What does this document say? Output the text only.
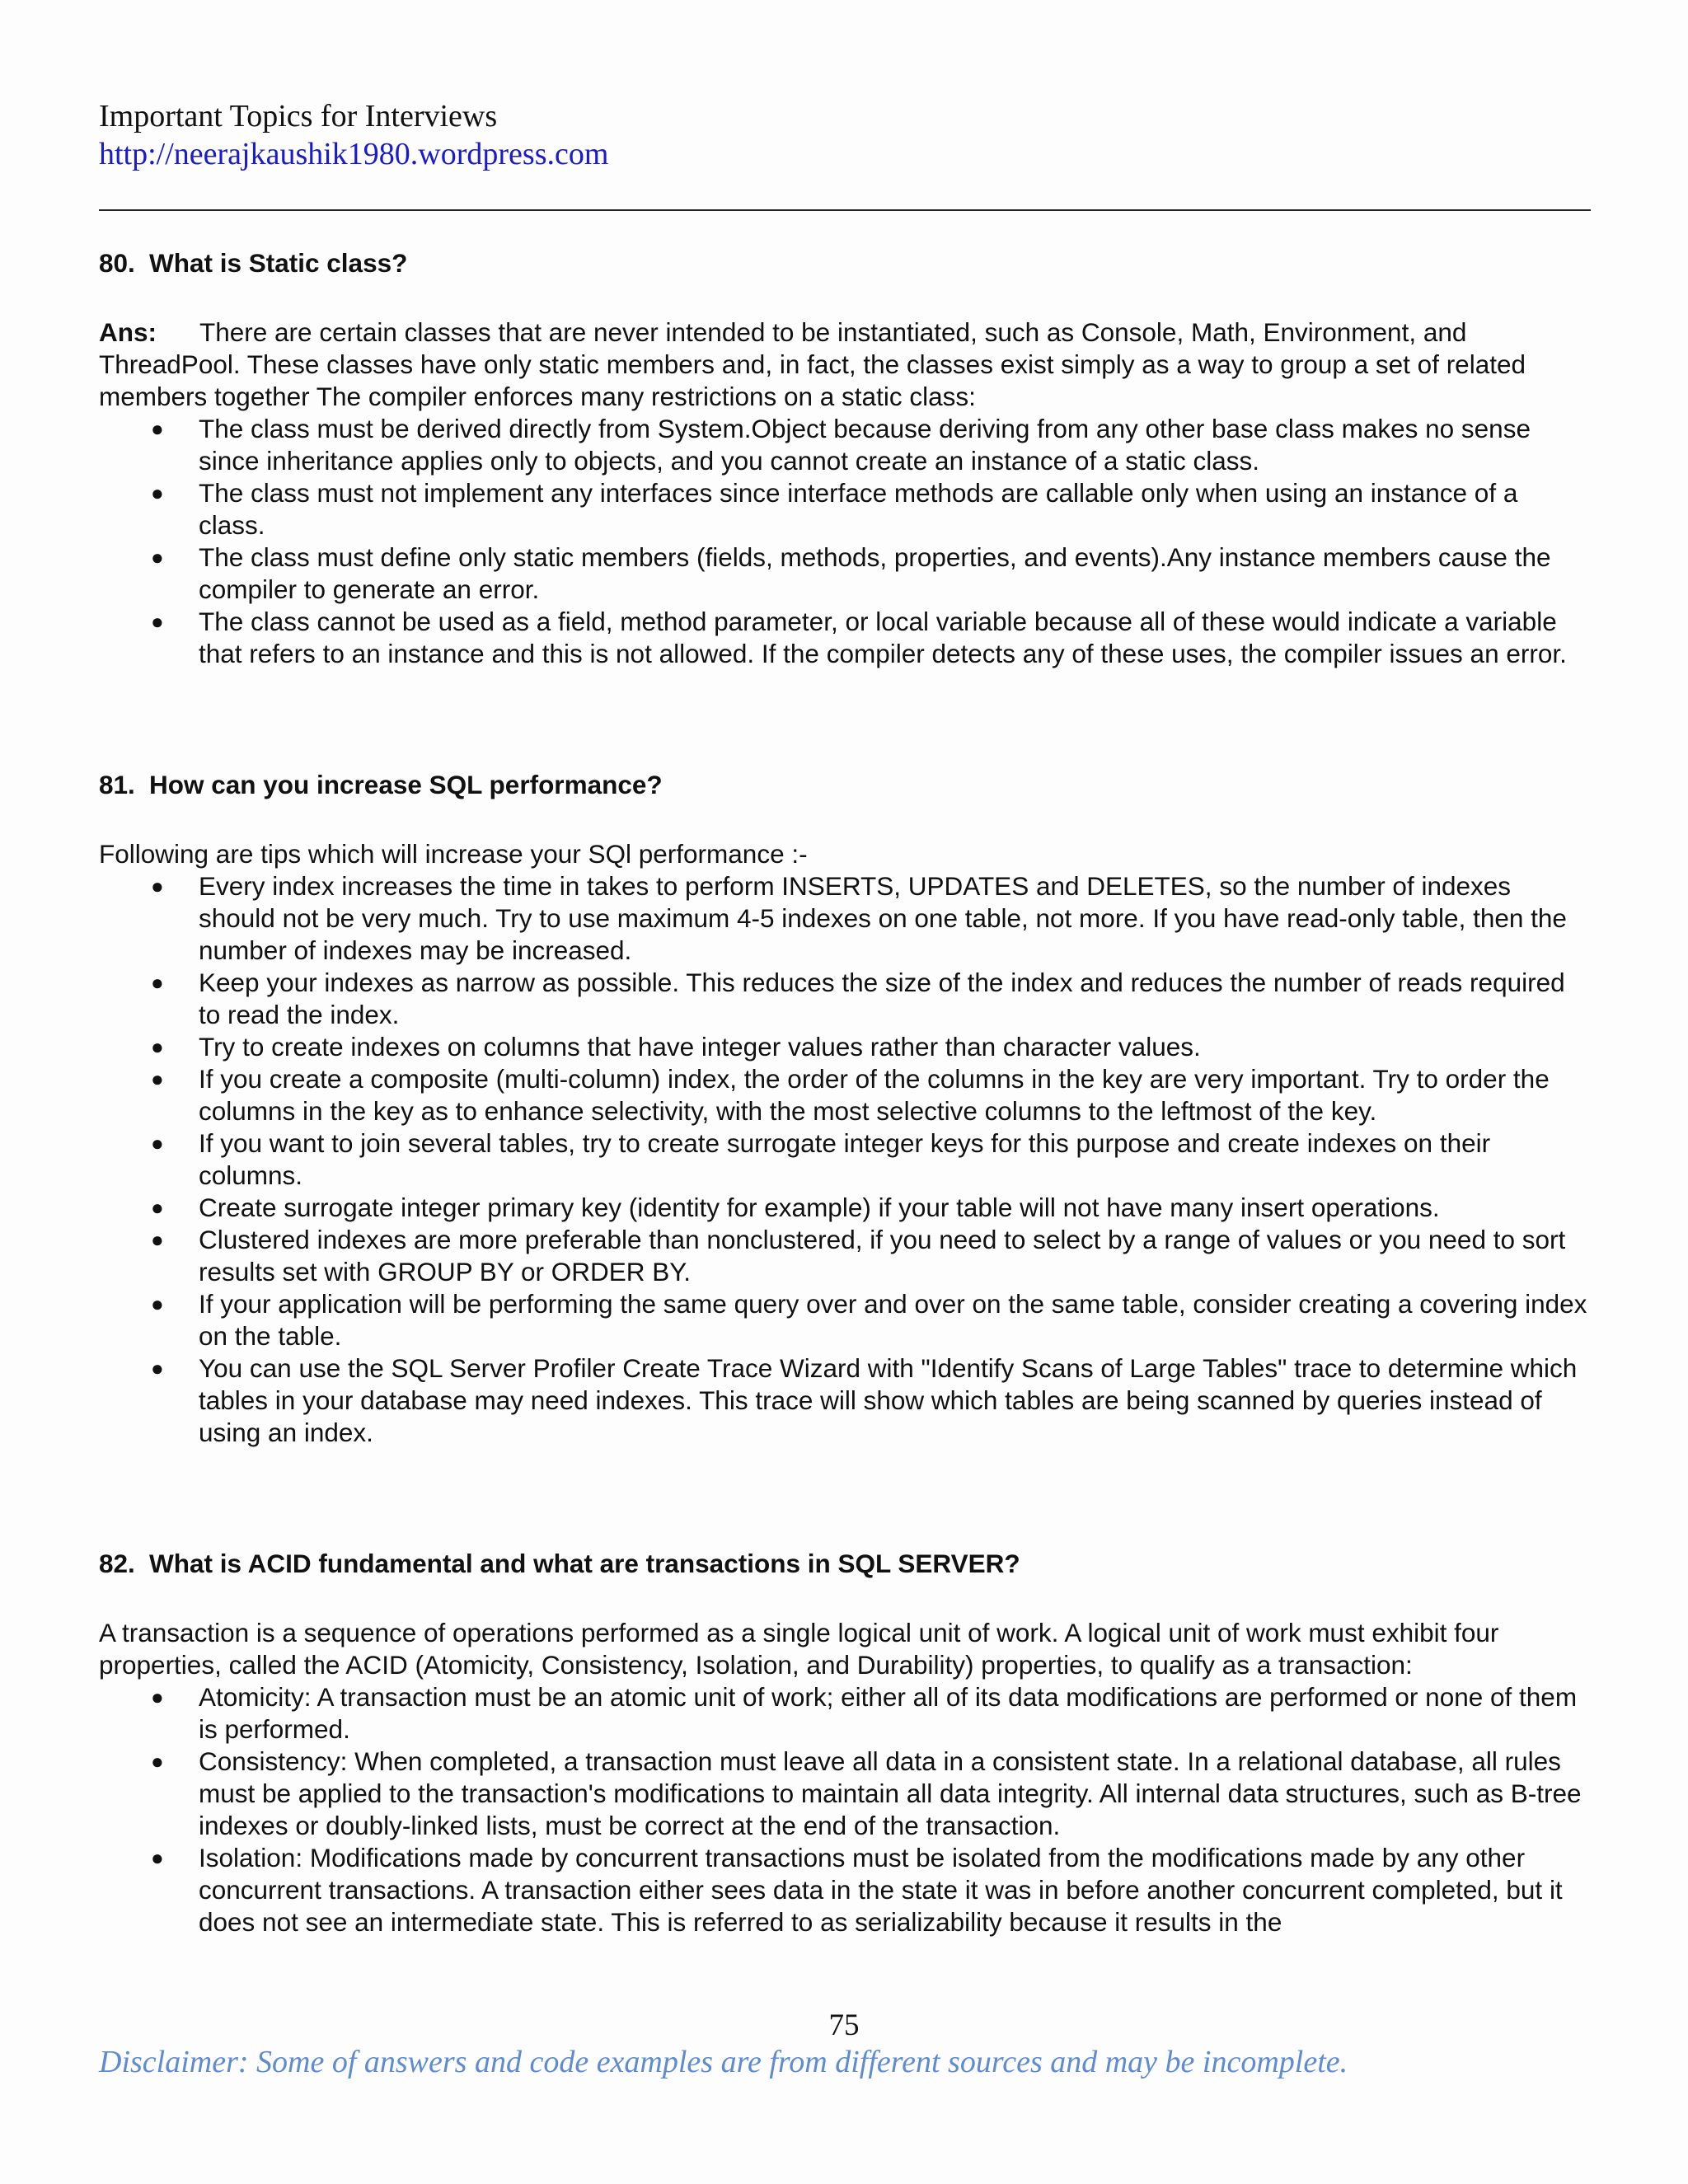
Important Topics for Interviews
http://neerajkaushik1980.wordpress.com

80. What is Static class?

Ans: There are certain classes that are never intended to be instantiated, such as Console, Math, Environment, and ThreadPool. These classes have only static members and, in fact, the classes exist simply as a way to group a set of related members together The compiler enforces many restrictions on a static class:

● The class must be derived directly from System.Object because deriving from any other base class makes no sense since inheritance applies only to objects, and you cannot create an instance of a static class.
● The class must not implement any interfaces since interface methods are callable only when using an instance of a class.
● The class must define only static members (fields, methods, properties, and events).Any instance members cause the compiler to generate an error.
● The class cannot be used as a field, method parameter, or local variable because all of these would indicate a variable that refers to an instance and this is not allowed. If the compiler detects any of these uses, the compiler issues an error.

81. How can you increase SQL performance?

Following are tips which will increase your SQl performance :-

● Every index increases the time in takes to perform INSERTS, UPDATES and DELETES, so the number of indexes should not be very much. Try to use maximum 4-5 indexes on one table, not more. If you have read-only table, then the number of indexes may be increased.
● Keep your indexes as narrow as possible. This reduces the size of the index and reduces the number of reads required to read the index.
● Try to create indexes on columns that have integer values rather than character values.
● If you create a composite (multi-column) index, the order of the columns in the key are very important. Try to order the columns in the key as to enhance selectivity, with the most selective columns to the leftmost of the key.
● If you want to join several tables, try to create surrogate integer keys for this purpose and create indexes on their columns.
● Create surrogate integer primary key (identity for example) if your table will not have many insert operations.
● Clustered indexes are more preferable than nonclustered, if you need to select by a range of values or you need to sort results set with GROUP BY or ORDER BY.
● If your application will be performing the same query over and over on the same table, consider creating a covering index on the table.
● You can use the SQL Server Profiler Create Trace Wizard with "Identify Scans of Large Tables" trace to determine which tables in your database may need indexes. This trace will show which tables are being scanned by queries instead of using an index.

82. What is ACID fundamental and what are transactions in SQL SERVER?

A transaction is a sequence of operations performed as a single logical unit of work. A logical unit of work must exhibit four properties, called the ACID (Atomicity, Consistency, Isolation, and Durability) properties, to qualify as a transaction:

● Atomicity: A transaction must be an atomic unit of work; either all of its data modifications are performed or none of them is performed.
● Consistency: When completed, a transaction must leave all data in a consistent state. In a relational database, all rules must be applied to the transaction's modifications to maintain all data integrity. All internal data structures, such as B-tree indexes or doubly-linked lists, must be correct at the end of the transaction.
● Isolation: Modifications made by concurrent transactions must be isolated from the modifications made by any other concurrent transactions. A transaction either sees data in the state it was in before another concurrent completed, but it does not see an intermediate state. This is referred to as serializability because it results in the
75
Disclaimer: Some of answers and code examples are from different sources and may be incomplete.
